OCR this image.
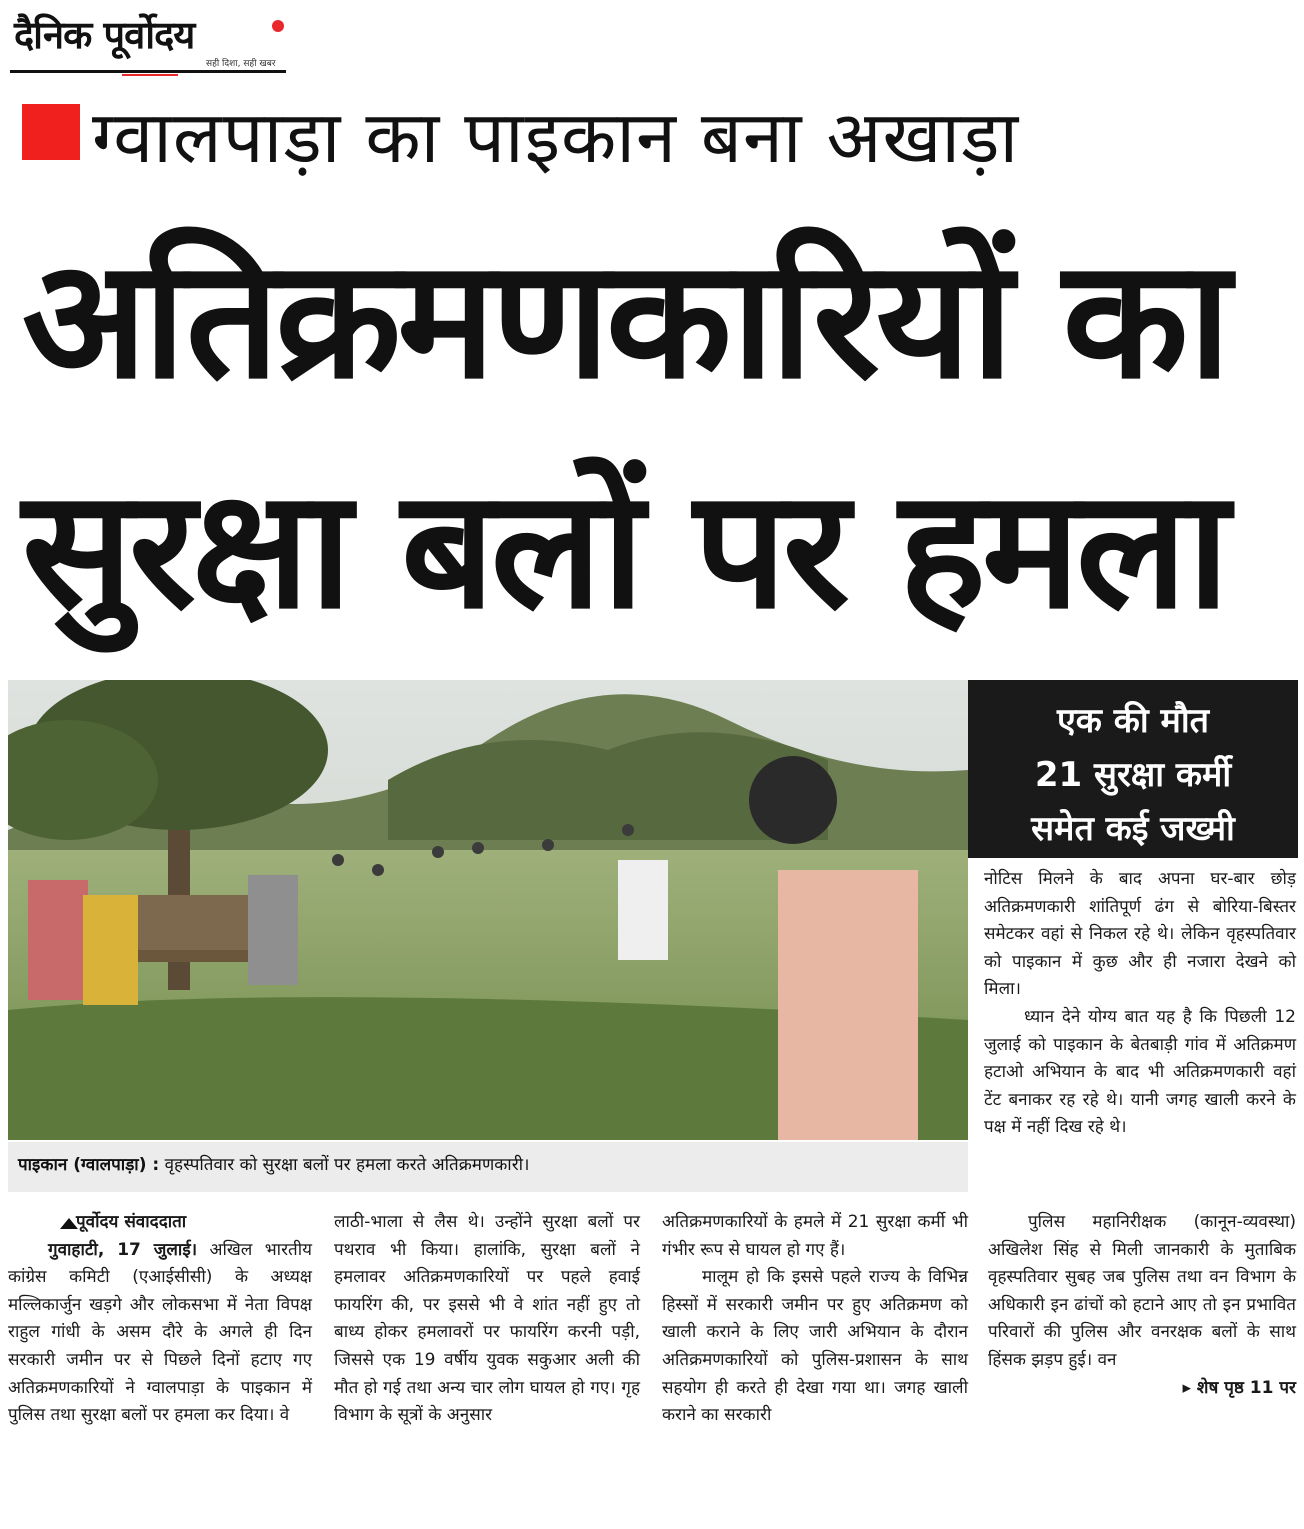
दैनिक पूर्वोदय
सही दिशा, सही खबर
ग्वालपाड़ा का पाइकान बना अखाड़ा
अतिक्रमणकारियों का
सुरक्षा बलों पर हमला
पाइकान (ग्वालपाड़ा) : वृहस्पतिवार को सुरक्षा बलों पर हमला करते अतिक्रमणकारी।
एक की मौत
21 सुरक्षा कर्मी
समेत कई जख्मी

नोटिस मिलने के बाद अपना घर-बार छोड़ अतिक्रमणकारी शांतिपूर्ण ढंग से बोरिया-बिस्तर समेटकर वहां से निकल रहे थे। लेकिन वृहस्पतिवार को पाइकान में कुछ और ही नजारा देखने को मिला।

ध्यान देने योग्य बात यह है कि पिछली 12 जुलाई को पाइकान के बेतबाड़ी गांव में अतिक्रमण हटाओ अभियान के बाद भी अतिक्रमणकारी वहां टेंट बनाकर रह रहे थे। यानी जगह खाली करने के पक्ष में नहीं दिख रहे थे।

पूर्वोदय संवाददाता

गुवाहाटी, 17 जुलाई। अखिल भारतीय कांग्रेस कमिटी (एआईसीसी) के अध्यक्ष मल्लिकार्जुन खड़गे और लोकसभा में नेता विपक्ष राहुल गांधी के असम दौरे के अगले ही दिन सरकारी जमीन पर से पिछले दिनों हटाए गए अतिक्रमणकारियों ने ग्वालपाड़ा के पाइकान में पुलिस तथा सुरक्षा बलों पर हमला कर दिया। वे

लाठी-भाला से लैस थे। उन्होंने सुरक्षा बलों पर पथराव भी किया। हालांकि, सुरक्षा बलों ने हमलावर अतिक्रमणकारियों पर पहले हवाई फायरिंग की, पर इससे भी वे शांत नहीं हुए तो बाध्य होकर हमलावरों पर फायरिंग करनी पड़ी, जिससे एक 19 वर्षीय युवक सकुआर अली की मौत हो गई तथा अन्य चार लोग घायल हो गए। गृह विभाग के सूत्रों के अनुसार

अतिक्रमणकारियों के हमले में 21 सुरक्षा कर्मी भी गंभीर रूप से घायल हो गए हैं।

मालूम हो कि इससे पहले राज्य के विभिन्न हिस्सों में सरकारी जमीन पर हुए अतिक्रमण को खाली कराने के लिए जारी अभियान के दौरान अतिक्रमणकारियों को पुलिस-प्रशासन के साथ सहयोग ही करते ही देखा गया था। जगह खाली कराने का सरकारी

पुलिस महानिरीक्षक (कानून-व्यवस्था) अखिलेश सिंह से मिली जानकारी के मुताबिक वृहस्पतिवार सुबह जब पुलिस तथा वन विभाग के अधिकारी इन ढांचों को हटाने आए तो इन प्रभावित परिवारों की पुलिस और वनरक्षक बलों के साथ हिंसक झड़प हुई। वन

▸ शेष पृष्ठ 11 पर
